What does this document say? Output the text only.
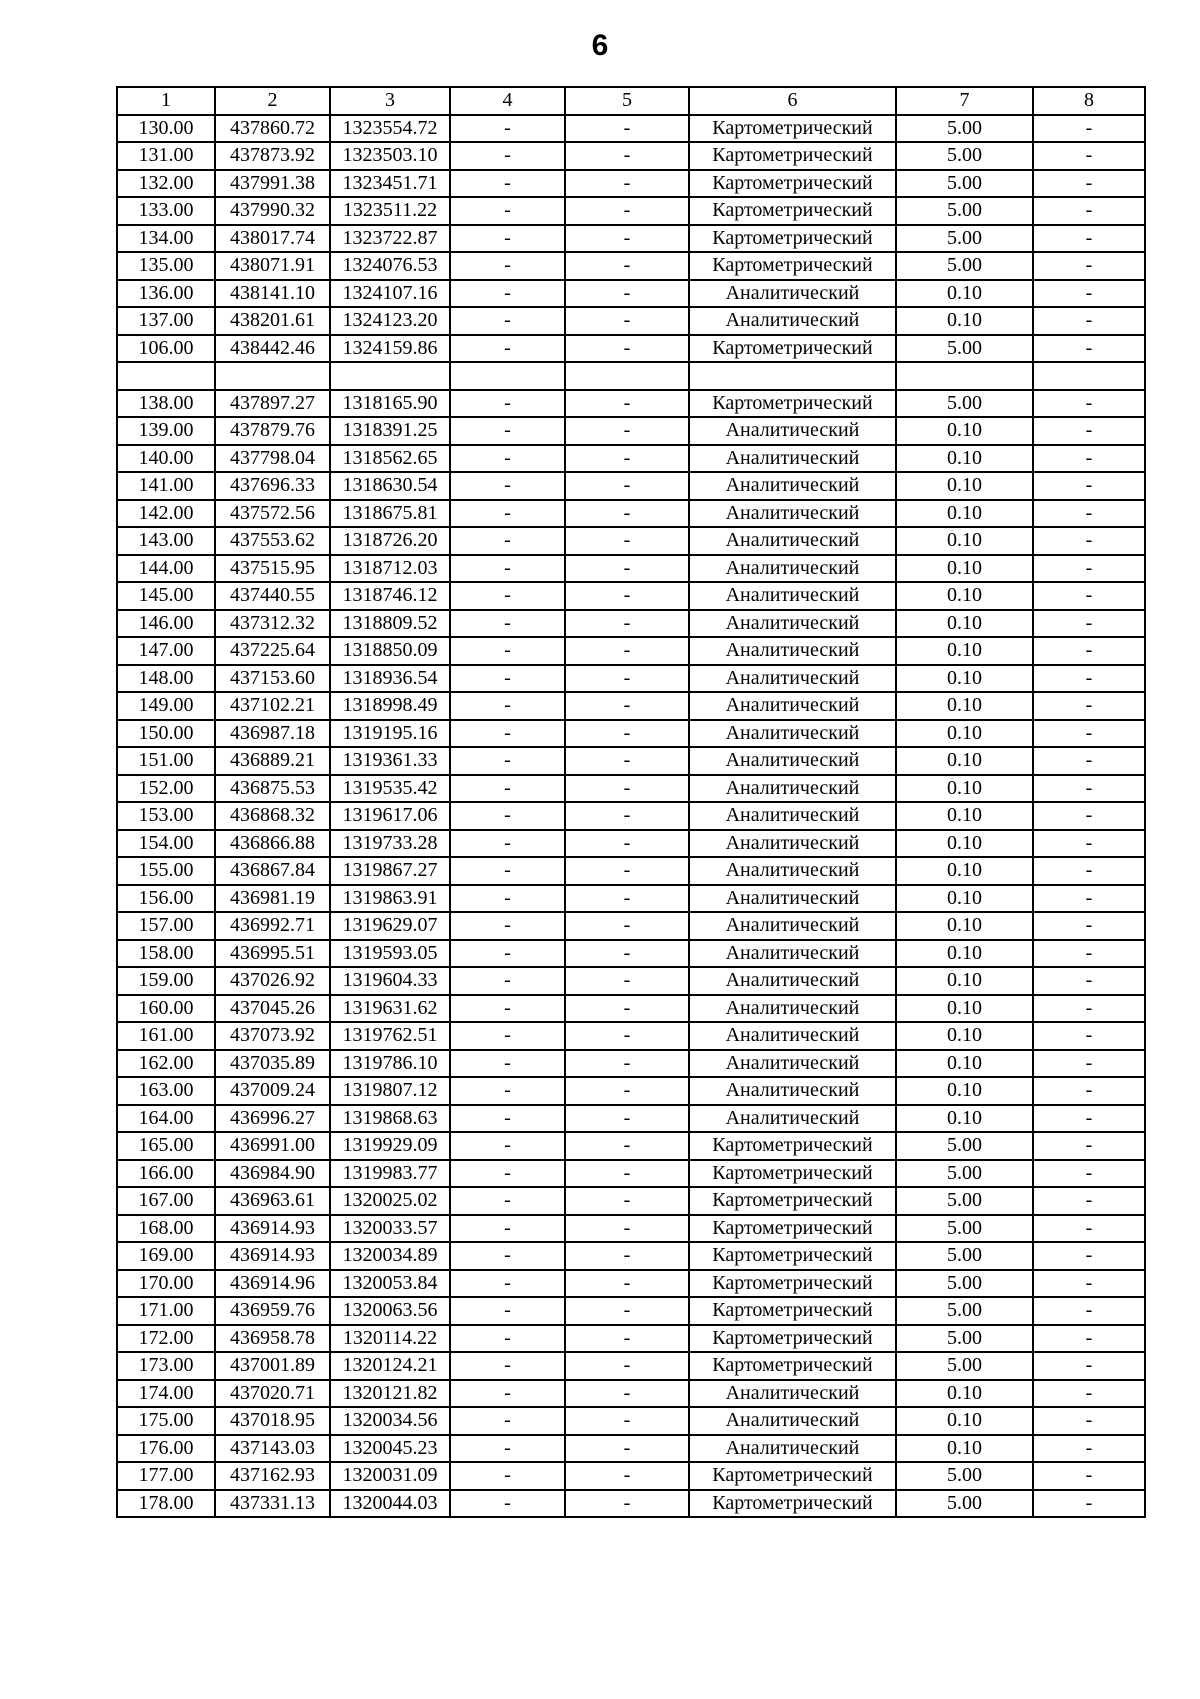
6
1	2	3	4	5	6	7	8
130.00	437860.72	1323554.72	-	-	Картометрический	5.00	-
131.00	437873.92	1323503.10	-	-	Картометрический	5.00	-
132.00	437991.38	1323451.71	-	-	Картометрический	5.00	-
133.00	437990.32	1323511.22	-	-	Картометрический	5.00	-
134.00	438017.74	1323722.87	-	-	Картометрический	5.00	-
135.00	438071.91	1324076.53	-	-	Картометрический	5.00	-
136.00	438141.10	1324107.16	-	-	Аналитический	0.10	-
137.00	438201.61	1324123.20	-	-	Аналитический	0.10	-
106.00	438442.46	1324159.86	-	-	Картометрический	5.00	-

138.00	437897.27	1318165.90	-	-	Картометрический	5.00	-
139.00	437879.76	1318391.25	-	-	Аналитический	0.10	-
140.00	437798.04	1318562.65	-	-	Аналитический	0.10	-
141.00	437696.33	1318630.54	-	-	Аналитический	0.10	-
142.00	437572.56	1318675.81	-	-	Аналитический	0.10	-
143.00	437553.62	1318726.20	-	-	Аналитический	0.10	-
144.00	437515.95	1318712.03	-	-	Аналитический	0.10	-
145.00	437440.55	1318746.12	-	-	Аналитический	0.10	-
146.00	437312.32	1318809.52	-	-	Аналитический	0.10	-
147.00	437225.64	1318850.09	-	-	Аналитический	0.10	-
148.00	437153.60	1318936.54	-	-	Аналитический	0.10	-
149.00	437102.21	1318998.49	-	-	Аналитический	0.10	-
150.00	436987.18	1319195.16	-	-	Аналитический	0.10	-
151.00	436889.21	1319361.33	-	-	Аналитический	0.10	-
152.00	436875.53	1319535.42	-	-	Аналитический	0.10	-
153.00	436868.32	1319617.06	-	-	Аналитический	0.10	-
154.00	436866.88	1319733.28	-	-	Аналитический	0.10	-
155.00	436867.84	1319867.27	-	-	Аналитический	0.10	-
156.00	436981.19	1319863.91	-	-	Аналитический	0.10	-
157.00	436992.71	1319629.07	-	-	Аналитический	0.10	-
158.00	436995.51	1319593.05	-	-	Аналитический	0.10	-
159.00	437026.92	1319604.33	-	-	Аналитический	0.10	-
160.00	437045.26	1319631.62	-	-	Аналитический	0.10	-
161.00	437073.92	1319762.51	-	-	Аналитический	0.10	-
162.00	437035.89	1319786.10	-	-	Аналитический	0.10	-
163.00	437009.24	1319807.12	-	-	Аналитический	0.10	-
164.00	436996.27	1319868.63	-	-	Аналитический	0.10	-
165.00	436991.00	1319929.09	-	-	Картометрический	5.00	-
166.00	436984.90	1319983.77	-	-	Картометрический	5.00	-
167.00	436963.61	1320025.02	-	-	Картометрический	5.00	-
168.00	436914.93	1320033.57	-	-	Картометрический	5.00	-
169.00	436914.93	1320034.89	-	-	Картометрический	5.00	-
170.00	436914.96	1320053.84	-	-	Картометрический	5.00	-
171.00	436959.76	1320063.56	-	-	Картометрический	5.00	-
172.00	436958.78	1320114.22	-	-	Картометрический	5.00	-
173.00	437001.89	1320124.21	-	-	Картометрический	5.00	-
174.00	437020.71	1320121.82	-	-	Аналитический	0.10	-
175.00	437018.95	1320034.56	-	-	Аналитический	0.10	-
176.00	437143.03	1320045.23	-	-	Аналитический	0.10	-
177.00	437162.93	1320031.09	-	-	Картометрический	5.00	-
178.00	437331.13	1320044.03	-	-	Картометрический	5.00	-
